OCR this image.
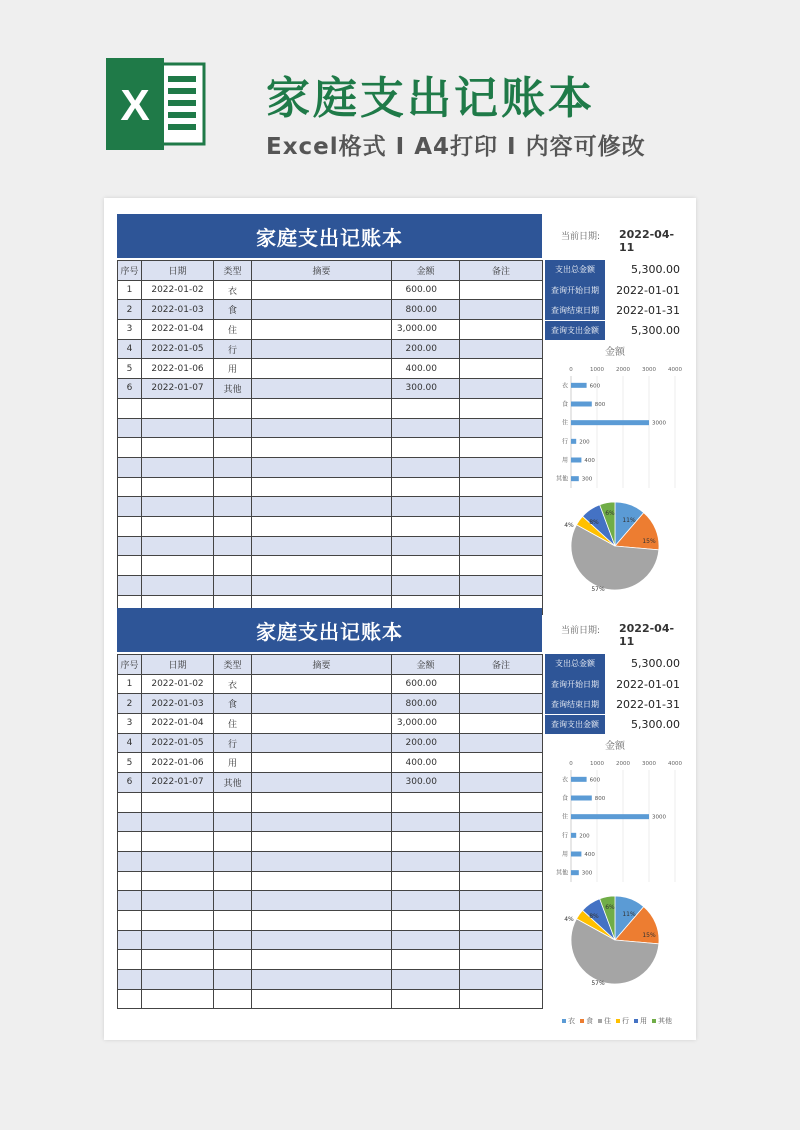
X	家庭支出记账本
Excel格式 I A4打印 I 内容可修改
家庭支出记账本	当前日期: 2022-04-11
序号	日期	类型	摘要	金额	备注
1	2022-01-02	衣		600.00	
2	2022-01-03	食		800.00	
3	2022-01-04	住		3,000.00	
4	2022-01-05	行		200.00	
5	2022-01-06	用		400.00	
6	2022-01-07	其他		300.00	

支出总金额	5,300.00
查询开始日期	2022-01-01
查询结束日期	2022-01-31
查询支出金额	5,300.00
金额
0	1000 2000 3000 4000
衣	600
食	800
住	3000
行 200
用	400
其他	300
11%
15%
57%
4%	8%
6%
家庭支出记账本	当前日期: 2022-04-11
序号	日期	类型	摘要	金额	备注
1	2022-01-02	衣		600.00	
2	2022-01-03	食		800.00	
3	2022-01-04	住		3,000.00	
4	2022-01-05	行		200.00	
5	2022-01-06	用		400.00	
6	2022-01-07	其他		300.00	

支出总金额	5,300.00
查询开始日期	2022-01-01
查询结束日期	2022-01-31
查询支出金额	5,300.00
金额
0	1000 2000 3000 4000
衣	600
食	800
住	3000
行 200
用	400
其他	300
11%
15%
57%
4%	8%
6%
衣 食 住 行 用 其他
